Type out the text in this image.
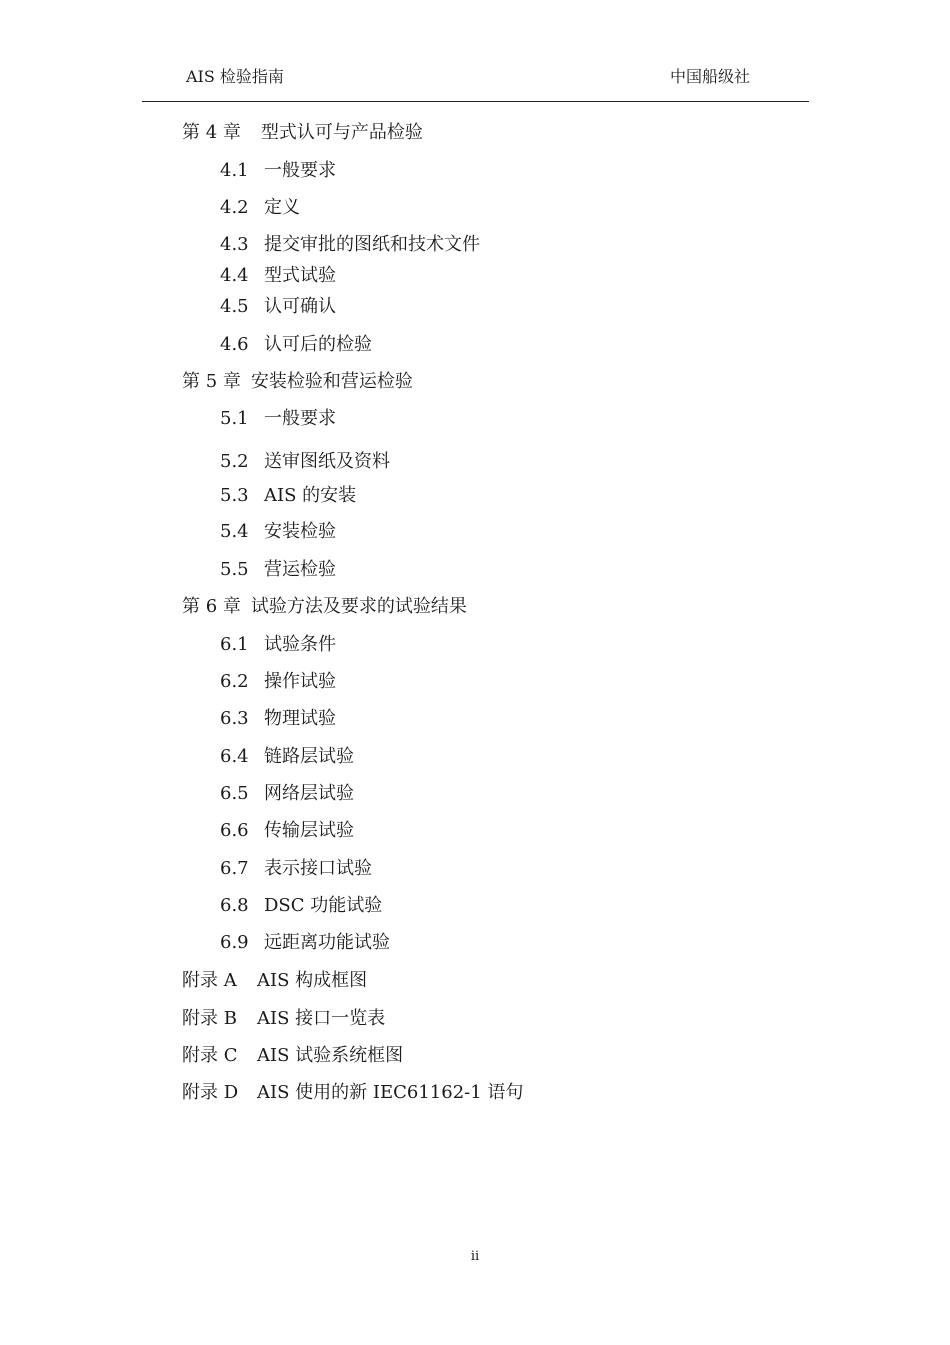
AIS 检验指南	中国船级社
第 4 章 型式认可与产品检验
4.1 一般要求
4.2 定义
4.3 提交审批的图纸和技术文件
4.4 型式试验
4.5 认可确认
4.6 认可后的检验
第 5 章 安装检验和营运检验
5.1 一般要求
5.2 送审图纸及资料
5.3 AIS 的安装
5.4 安装检验
5.5 营运检验
第 6 章 试验方法及要求的试验结果
6.1 试验条件
6.2 操作试验
6.3 物理试验
6.4 链路层试验
6.5 网络层试验
6.6 传输层试验
6.7 表示接口试验
6.8 DSC 功能试验
6.9 远距离功能试验
附录 A AIS 构成框图
附录 B AIS 接口一览表
附录 C AIS 试验系统框图
附录 D AIS 使用的新 IEC61162-1 语句
ii
